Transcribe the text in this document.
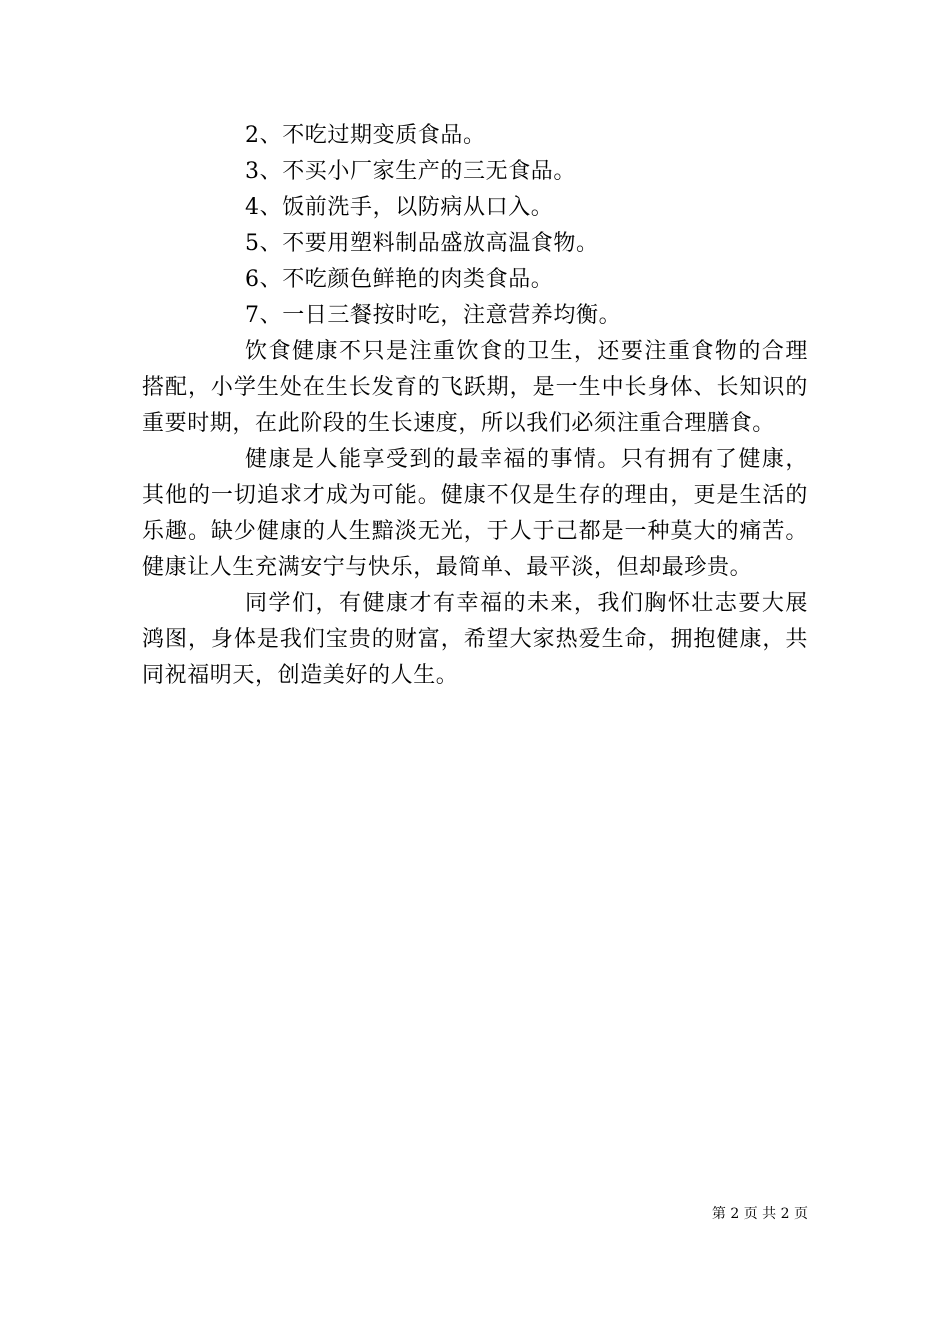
2、不吃过期变质食品。

3、不买小厂家生产的三无食品。

4、饭前洗手，以防病从口入。

5、不要用塑料制品盛放高温食物。

6、不吃颜色鲜艳的肉类食品。

7、一日三餐按时吃，注意营养均衡。

饮食健康不只是注重饮食的卫生，还要注重食物的合理搭配，小学生处在生长发育的飞跃期，是一生中长身体、长知识的重要时期，在此阶段的生长速度，所以我们必须注重合理膳食。

健康是人能享受到的最幸福的事情。只有拥有了健康，其他的一切追求才成为可能。健康不仅是生存的理由，更是生活的乐趣。缺少健康的人生黯淡无光，于人于己都是一种莫大的痛苦。健康让人生充满安宁与快乐，最简单、最平淡，但却最珍贵。

同学们，有健康才有幸福的未来，我们胸怀壮志要大展鸿图，身体是我们宝贵的财富，希望大家热爱生命，拥抱健康，共同祝福明天，创造美好的人生。

第 2 页 共 2 页
